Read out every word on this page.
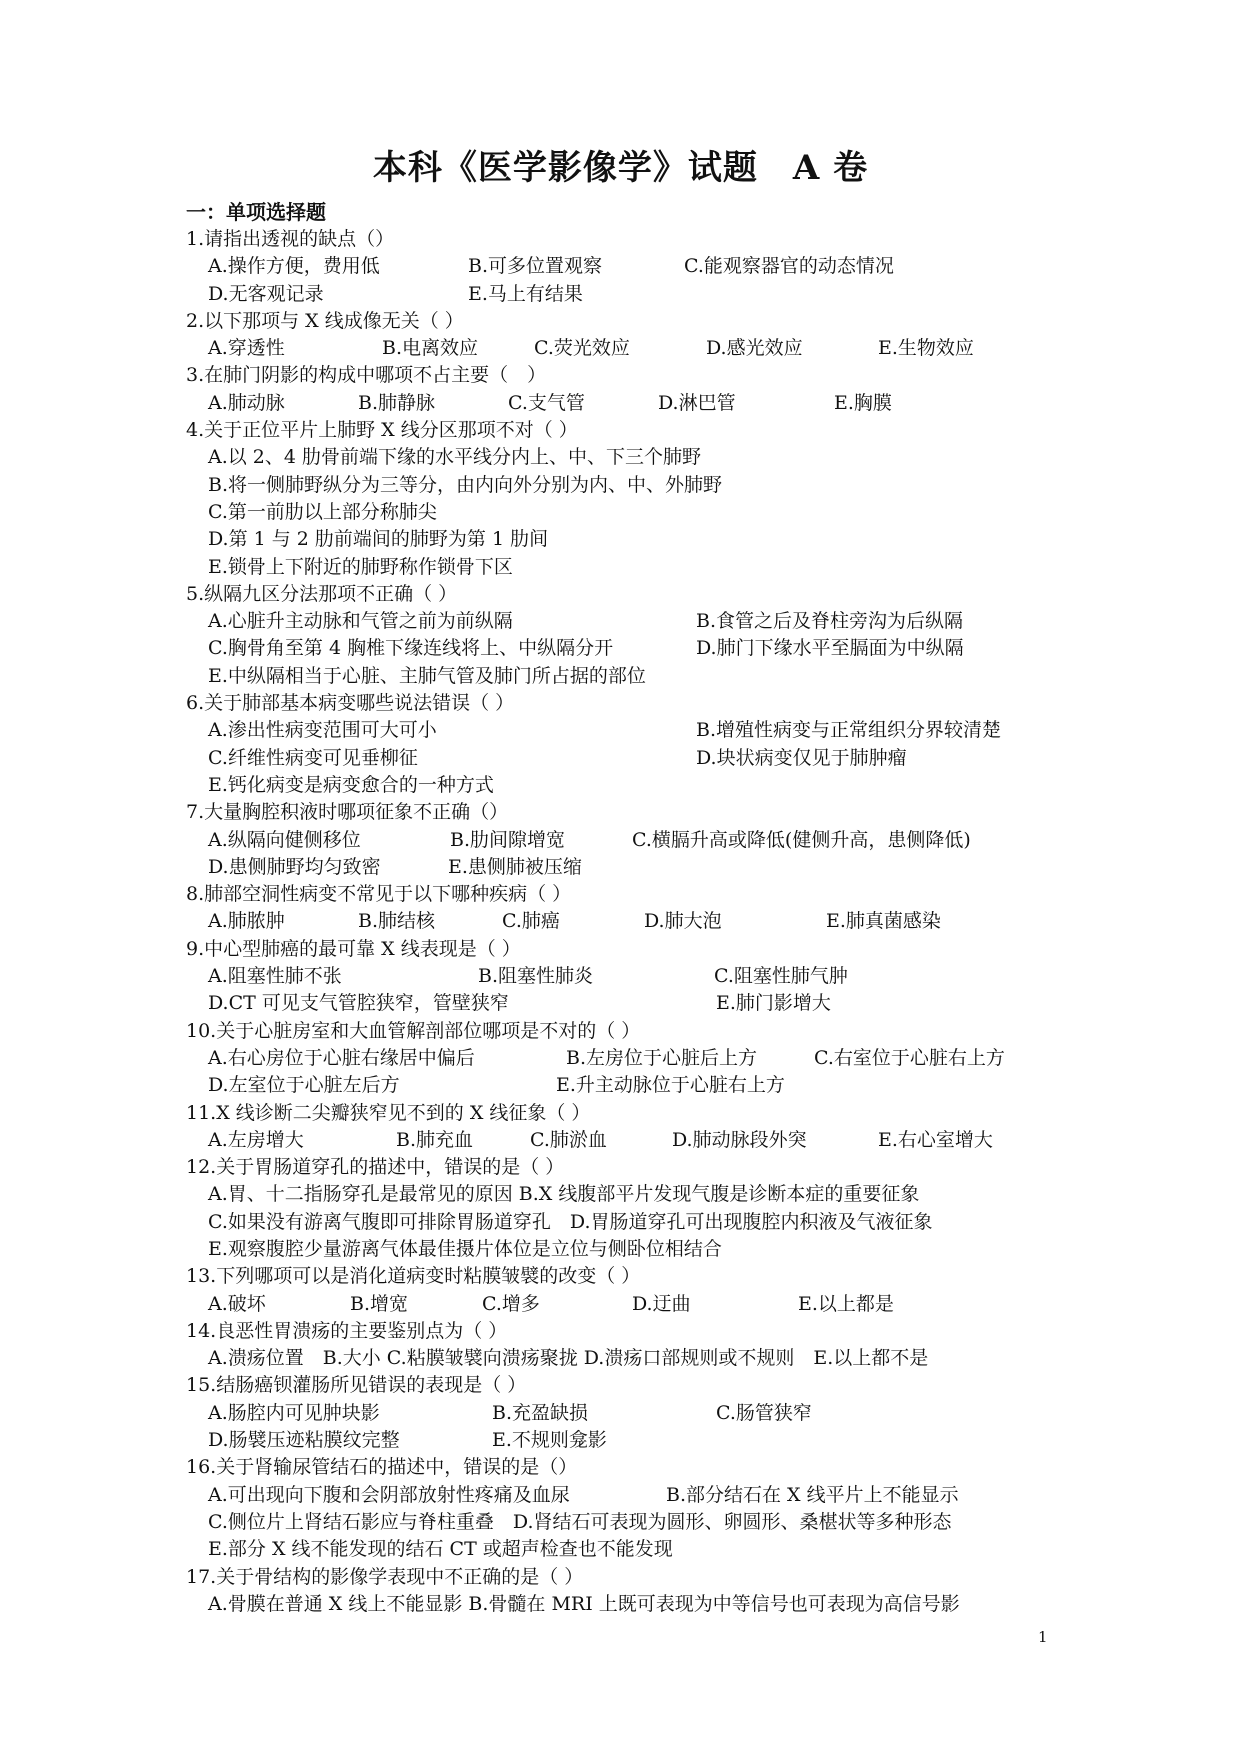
本科《医学影像学》试题　A 卷
一：单项选择题
1.请指出透视的缺点（）
A.操作方便，费用低	B.可多位置观察	C.能观察器官的动态情况
D.无客观记录	E.马上有结果
2.以下那项与 X 线成像无关（ ）
A.穿透性	B.电离效应	C.荧光效应	D.感光效应	E.生物效应
3.在肺门阴影的构成中哪项不占主要（　）
A.肺动脉	B.肺静脉	C.支气管	D.淋巴管	E.胸膜
4.关于正位平片上肺野 X 线分区那项不对（ ）
A.以 2、4 肋骨前端下缘的水平线分内上、中、下三个肺野
B.将一侧肺野纵分为三等分，由内向外分别为内、中、外肺野
C.第一前肋以上部分称肺尖
D.第 1 与 2 肋前端间的肺野为第 1 肋间
E.锁骨上下附近的肺野称作锁骨下区
5.纵隔九区分法那项不正确（ ）
A.心脏升主动脉和气管之前为前纵隔	B.食管之后及脊柱旁沟为后纵隔
C.胸骨角至第 4 胸椎下缘连线将上、中纵隔分开	D.肺门下缘水平至膈面为中纵隔
E.中纵隔相当于心脏、主肺气管及肺门所占据的部位
6.关于肺部基本病变哪些说法错误（ ）
A.渗出性病变范围可大可小	B.增殖性病变与正常组织分界较清楚
C.纤维性病变可见垂柳征	D.块状病变仅见于肺肿瘤
E.钙化病变是病变愈合的一种方式
7.大量胸腔积液时哪项征象不正确（）
A.纵隔向健侧移位	B.肋间隙增宽	C.横膈升高或降低(健侧升高，患侧降低)
D.患侧肺野均匀致密	E.患侧肺被压缩
8.肺部空洞性病变不常见于以下哪种疾病（ ）
A.肺脓肿	B.肺结核	C.肺癌	D.肺大泡	E.肺真菌感染
9.中心型肺癌的最可靠 X 线表现是（ ）
A.阻塞性肺不张	B.阻塞性肺炎	C.阻塞性肺气肿
D.CT 可见支气管腔狭窄，管壁狭窄	E.肺门影增大
10.关于心脏房室和大血管解剖部位哪项是不对的（ ）
A.右心房位于心脏右缘居中偏后	B.左房位于心脏后上方	C.右室位于心脏右上方
D.左室位于心脏左后方	E.升主动脉位于心脏右上方
11.X 线诊断二尖瓣狭窄见不到的 X 线征象（ ）
A.左房增大	B.肺充血	C.肺淤血	D.肺动脉段外突	E.右心室增大
12.关于胃肠道穿孔的描述中，错误的是（ ）
A.胃、十二指肠穿孔是最常见的原因 B.X 线腹部平片发现气腹是诊断本症的重要征象
C.如果没有游离气腹即可排除胃肠道穿孔　D.胃肠道穿孔可出现腹腔内积液及气液征象
E.观察腹腔少量游离气体最佳摄片体位是立位与侧卧位相结合
13.下列哪项可以是消化道病变时粘膜皱襞的改变（ ）
A.破坏	B.增宽	C.增多	D.迂曲	E.以上都是
14.良恶性胃溃疡的主要鉴别点为（ ）
A.溃疡位置　B.大小 C.粘膜皱襞向溃疡聚拢 D.溃疡口部规则或不规则　E.以上都不是
15.结肠癌钡灌肠所见错误的表现是（ ）
A.肠腔内可见肿块影	B.充盈缺损	C.肠管狭窄
D.肠襞压迹粘膜纹完整	E.不规则龛影
16.关于肾输尿管结石的描述中，错误的是（）
A.可出现向下腹和会阴部放射性疼痛及血尿	B.部分结石在 X 线平片上不能显示
C.侧位片上肾结石影应与脊柱重叠　D.肾结石可表现为圆形、卵圆形、桑椹状等多种形态
E.部分 X 线不能发现的结石 CT 或超声检查也不能发现
17.关于骨结构的影像学表现中不正确的是（ ）
A.骨膜在普通 X 线上不能显影 B.骨髓在 MRI 上既可表现为中等信号也可表现为高信号影
1
